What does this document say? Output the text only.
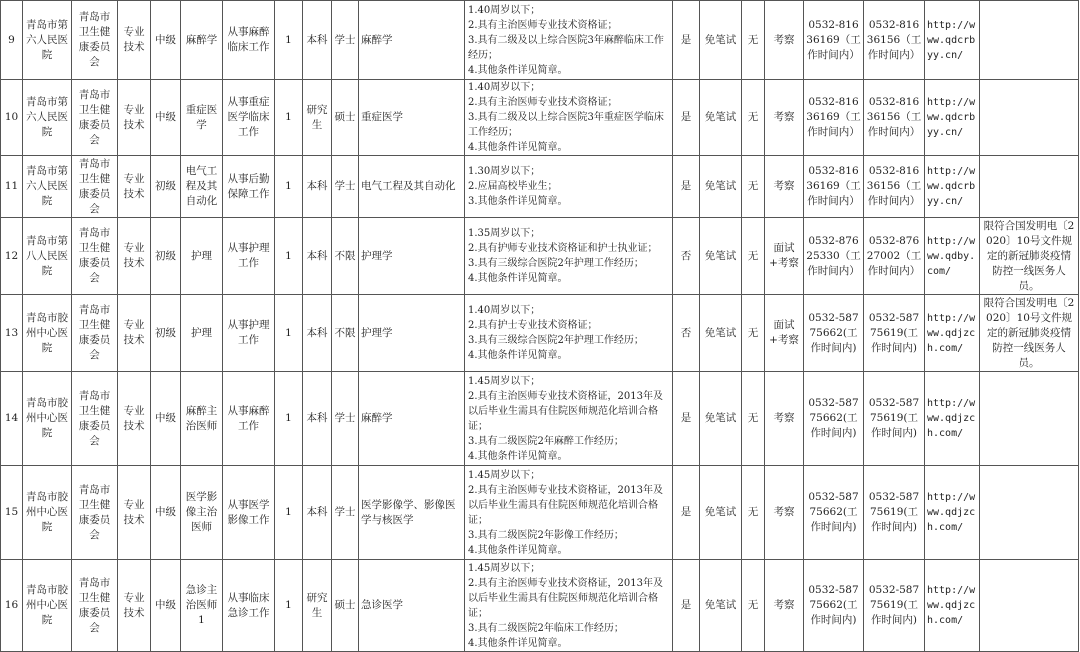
9	青岛市第六人民医院	青岛市卫生健康委员会	专业技术	中级	麻醉学	从事麻醉临床工作	1	本科	学士	麻醉学	1.40周岁以下；
2.具有主治医师专业技术资格证；
3.具有二级及以上综合医院3年麻醉临床工作经历；
4.其他条件详见简章。	是	免笔试	无	考察	0532-81636169（工作时间内）	0532-81636156（工作时间内）	http://www.qdcrbyy.cn/	
10	青岛市第六人民医院	青岛市卫生健康委员会	专业技术	中级	重症医学	从事重症医学临床工作	1	研究生	硕士	重症医学	1.40周岁以下；
2.具有主治医师专业技术资格证；
3.具有二级及以上综合医院3年重症医学临床工作经历；
4.其他条件详见简章。	是	免笔试	无	考察	0532-81636169（工作时间内）	0532-81636156（工作时间内）	http://www.qdcrbyy.cn/	
11	青岛市第六人民医院	青岛市卫生健康委员会	专业技术	初级	电气工程及其自动化	从事后勤保障工作	1	本科	学士	电气工程及其自动化	1.30周岁以下；
2.应届高校毕业生；
3.其他条件详见简章。	是	免笔试	无	考察	0532-81636169（工作时间内）	0532-81636156（工作时间内）	http://www.qdcrbyy.cn/	
12	青岛市第八人民医院	青岛市卫生健康委员会	专业技术	初级	护理	从事护理工作	1	本科	不限	护理学	1.35周岁以下；
2.具有护师专业技术资格证和护士执业证；
3.具有三级综合医院2年护理工作经历；
4.其他条件详见简章。	否	免笔试	无	面试+考察	0532-87625330（工作时间内）	0532-87627002（工作时间内）	http://www.qdby.com/	限符合国发明电〔2020〕10号文件规定的新冠肺炎疫情防控一线医务人员。
13	青岛市胶州中心医院	青岛市卫生健康委员会	专业技术	初级	护理	从事护理工作	1	本科	不限	护理学	1.40周岁以下；
2.具有护士专业技术资格证；
3.具有三级综合医院2年护理工作经历；
4.其他条件详见简章。	否	免笔试	无	面试+考察	0532-58775662(工作时间内)	0532-58775619(工作时间内)	http://www.qdjzch.com/	限符合国发明电〔2020〕10号文件规定的新冠肺炎疫情防控一线医务人员。
14	青岛市胶州中心医院	青岛市卫生健康委员会	专业技术	中级	麻醉主治医师	从事麻醉工作	1	本科	学士	麻醉学	1.45周岁以下；
2.具有主治医师专业技术资格证，2013年及以后毕业生需具有住院医师规范化培训合格证；
3.具有二级医院2年麻醉工作经历；
4.其他条件详见简章。	是	免笔试	无	考察	0532-58775662(工作时间内)	0532-58775619(工作时间内)	http://www.qdjzch.com/	
15	青岛市胶州中心医院	青岛市卫生健康委员会	专业技术	中级	医学影像主治医师	从事医学影像工作	1	本科	学士	医学影像学、影像医学与核医学	1.45周岁以下；
2.具有主治医师专业技术资格证，2013年及以后毕业生需具有住院医师规范化培训合格证；
3.具有二级医院2年影像工作经历；
4.其他条件详见简章。	是	免笔试	无	考察	0532-58775662(工作时间内)	0532-58775619(工作时间内)	http://www.qdjzch.com/	
16	青岛市胶州中心医院	青岛市卫生健康委员会	专业技术	中级	急诊主治医师1	从事临床急诊工作	1	研究生	硕士	急诊医学	1.45周岁以下；
2.具有主治医师专业技术资格证，2013年及以后毕业生需具有住院医师规范化培训合格证；
3.具有二级医院2年临床工作经历；
4.其他条件详见简章。	是	免笔试	无	考察	0532-58775662(工作时间内)	0532-58775619(工作时间内)	http://www.qdjzch.com/	
